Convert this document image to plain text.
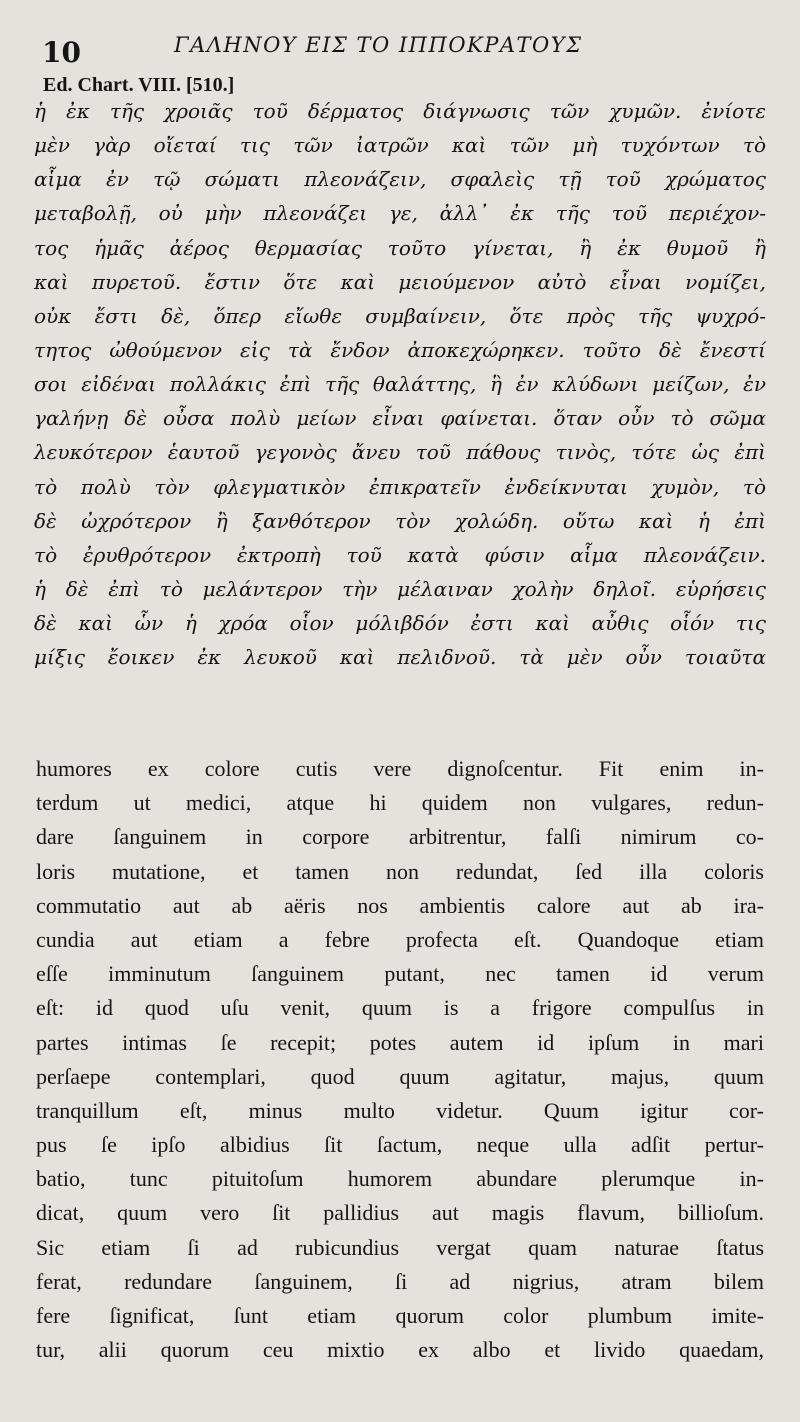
10	ΓΑΛΗΝΟΥ ΕΙΣ ΤΟ ΙΠΠΟΚΡΑΤΟΥΣ
Ed. Chart. VIII. [510.]
ἡ ἐκ τῆς χροιᾶς τοῦ δέρματος διάγνωσις τῶν χυμῶν. ἐνίοτε
μὲν γὰρ οἴεταί τις τῶν ἰατρῶν καὶ τῶν μὴ τυχόντων τὸ
αἷμα ἐν τῷ σώματι πλεονάζειν, σφαλεὶς τῇ τοῦ χρώματος
μεταβολῇ, οὐ μὴν πλεονάζει γε, ἀλλ᾽ ἐκ τῆς τοῦ περιέχον-
τος ἡμᾶς ἀέρος θερμασίας τοῦτο γίνεται, ἢ ἐκ θυμοῦ ἢ
καὶ πυρετοῦ. ἔστιν ὅτε καὶ μειούμενον αὐτὸ εἶναι νομίζει,
οὐκ ἔστι δὲ, ὅπερ εἴωθε συμβαίνειν, ὅτε πρὸς τῆς ψυχρό-
τητος ὠθούμενον εἰς τὰ ἔνδον ἀποκεχώρηκεν. τοῦτο δὲ ἔνεστί
σοι εἰδέναι πολλάκις ἐπὶ τῆς θαλάττης, ἣ ἐν κλύδωνι μείζων, ἐν
γαλήνῃ δὲ οὖσα πολὺ μείων εἶναι φαίνεται. ὅταν οὖν τὸ σῶμα
λευκότερον ἑαυτοῦ γεγονὸς ἄνευ τοῦ πάθους τινὸς, τότε ὡς ἐπὶ
τὸ πολὺ τὸν φλεγματικὸν ἐπικρατεῖν ἐνδείκνυται χυμὸν, τὸ
δὲ ὠχρότερον ἢ ξανθότερον τὸν χολώδη. οὕτω καὶ ἡ ἐπὶ
τὸ ἐρυθρότερον ἐκτροπὴ τοῦ κατὰ φύσιν αἷμα πλεονάζειν.
ἡ δὲ ἐπὶ τὸ μελάντερον τὴν μέλαιναν χολὴν δηλοῖ. εὑρήσεις
δὲ καὶ ὧν ἡ χρόα οἷον μόλιβδόν ἐστι καὶ αὖθις οἷόν τις
μίξις ἔοικεν ἐκ λευκοῦ καὶ πελιδνοῦ. τὰ μὲν οὖν τοιαῦτα
humores ex colore cutis vere dignoſcentur. Fit enim in-
terdum ut medici, atque hi quidem non vulgares, redun-
dare ſanguinem in corpore arbitrentur, falſi nimirum co-
loris mutatione, et tamen non redundat, ſed illa coloris
commutatio aut ab aëris nos ambientis calore aut ab ira-
cundia aut etiam a febre profecta eſt. Quandoque etiam
eſſe imminutum ſanguinem putant, nec tamen id verum
eſt: id quod uſu venit, quum is a frigore compulſus in
partes intimas ſe recepit; potes autem id ipſum in mari
perſaepe contemplari, quod quum agitatur, majus, quum
tranquillum eſt, minus multo videtur. Quum igitur cor-
pus ſe ipſo albidius ſit ſactum, neque ulla adſit pertur-
batio, tunc pituitoſum humorem abundare plerumque in-
dicat, quum vero ſit pallidius aut magis flavum, billioſum.
Sic etiam ſi ad rubicundius vergat quam naturae ſtatus
ferat, redundare ſanguinem, ſi ad nigrius, atram bilem
fere ſignificat, ſunt etiam quorum color plumbum imite-
tur, alii quorum ceu mixtio ex albo et livido quaedam,
